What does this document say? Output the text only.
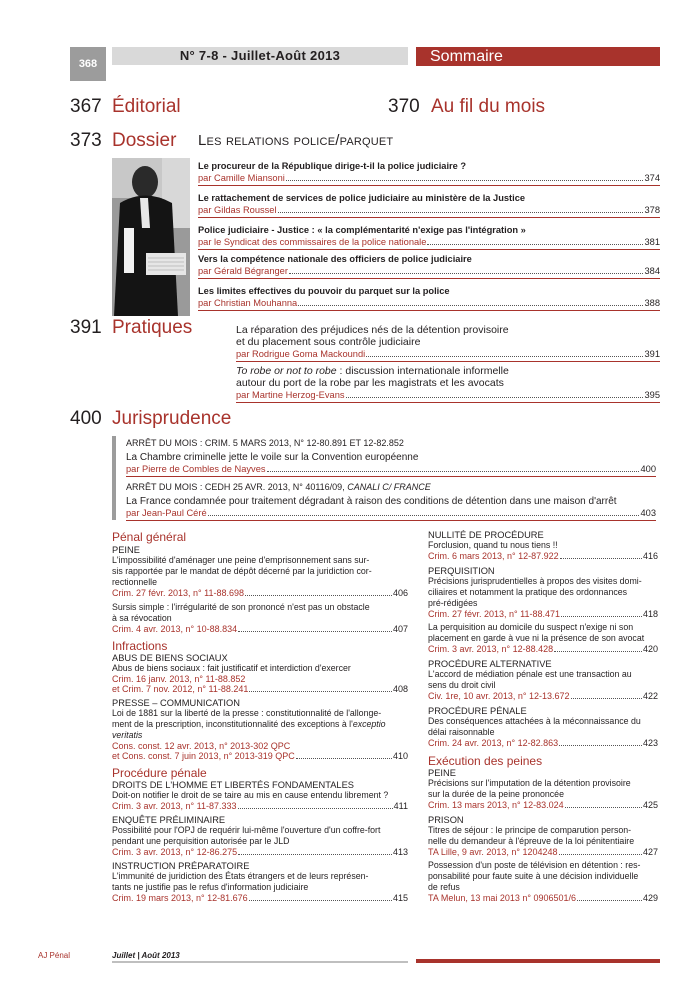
368
N° 7-8 - Juillet-Août 2013	Sommaire
367 Éditorial	370 Au fil du mois
373 Dossier Les relations police/parquet
Le procureur de la République dirige-t-il la police judiciaire ?
par Camille Miansoni	374
Le rattachement de services de police judiciaire au ministère de la Justice
par Gildas Roussel	378
Police judiciaire - Justice : « la complémentarité n'exige pas l'intégration »
par le Syndicat des commissaires de la police nationale	381
Vers la compétence nationale des officiers de police judiciaire
par Gérald Bégranger	384
Les limites effectives du pouvoir du parquet sur la police
par Christian Mouhanna	388
391 Pratiques	La réparation des préjudices nés de la détention provisoire
et du placement sous contrôle judiciaire
par Rodrigue Goma Mackoundi	391
To robe or not to robe : discussion internationale informelle
autour du port de la robe par les magistrats et les avocats
par Martine Herzog-Evans	395
400 Jurisprudence
ARRÊT DU MOIS : CRIM. 5 MARS 2013, N° 12-80.891 ET 12-82.852
La Chambre criminelle jette le voile sur la Convention européenne
par Pierre de Combles de Nayves	400
ARRÊT DU MOIS : CEDH 25 AVR. 2013, N° 40116/09, CANALI C/ FRANCE
La France condamnée pour traitement dégradant à raison des conditions de détention dans une maison d'arrêt
par Jean-Paul Céré	403
Pénal général
PEINE
L'impossibilité d'aménager une peine d'emprisonnement sans sur-
sis rapportée par le mandat de dépôt décerné par la juridiction cor-
rectionnelle
Crim. 27 févr. 2013, n° 11-88.698	406
Sursis simple : l'irrégularité de son prononcé n'est pas un obstacle
à sa révocation
Crim. 4 avr. 2013, n° 10-88.834	407
Infractions
ABUS DE BIENS SOCIAUX
Abus de biens sociaux : fait justificatif et interdiction d'exercer
Crim. 16 janv. 2013, n° 11-88.852
et Crim. 7 nov. 2012, n° 11-88.241	408
PRESSE – COMMUNICATION
Loi de 1881 sur la liberté de la presse : constitutionnalité de l'allonge-
ment de la prescription, inconstitutionnalité des exceptions à l'exceptio
veritatis
Cons. const. 12 avr. 2013, n° 2013-302 QPC
et Cons. const. 7 juin 2013, n° 2013-319 QPC	410
Procédure pénale
DROITS DE L'HOMME ET LIBERTÉS FONDAMENTALES
Doit-on notifier le droit de se taire au mis en cause entendu librement ?
Crim. 3 avr. 2013, n° 11-87.333	411
ENQUÊTE PRÉLIMINAIRE
Possibilité pour l'OPJ de requérir lui-même l'ouverture d'un coffre-fort
pendant une perquisition autorisée par le JLD
Crim. 3 avr. 2013, n° 12-86.275	413
INSTRUCTION PRÉPARATOIRE
L'immunité de juridiction des États étrangers et de leurs représen-
tants ne justifie pas le refus d'information judiciaire
Crim. 19 mars 2013, n° 12-81.676	415
NULLITÉ DE PROCÉDURE
Forclusion, quand tu nous tiens !!
Crim. 6 mars 2013, n° 12-87.922	416
PERQUISITION
Précisions jurisprudentielles à propos des visites domi-
ciliaires et notamment la pratique des ordonnances
pré-rédigées
Crim. 27 févr. 2013, n° 11-88.471	418
La perquisition au domicile du suspect n'exige ni son
placement en garde à vue ni la présence de son avocat
Crim. 3 avr. 2013, n° 12-88.428	420
PROCÉDURE ALTERNATIVE
L'accord de médiation pénale est une transaction au
sens du droit civil
Civ. 1re, 10 avr. 2013, n° 12-13.672	422
PROCÉDURE PÉNALE
Des conséquences attachées à la méconnaissance du
délai raisonnable
Crim. 24 avr. 2013, n° 12-82.863	423
Exécution des peines
PEINE
Précisions sur l'imputation de la détention provisoire
sur la durée de la peine prononcée
Crim. 13 mars 2013, n° 12-83.024	425
PRISON
Titres de séjour : le principe de comparution person-
nelle du demandeur à l'épreuve de la loi pénitentiaire
TA Lille, 9 avr. 2013, n° 1204248	427
Possession d'un poste de télévision en détention : res-
ponsabilité pour faute suite à une décision individuelle
de refus
TA Melun, 13 mai 2013 n° 0906501/6	429
AJ Pénal	Juillet | Août 2013
